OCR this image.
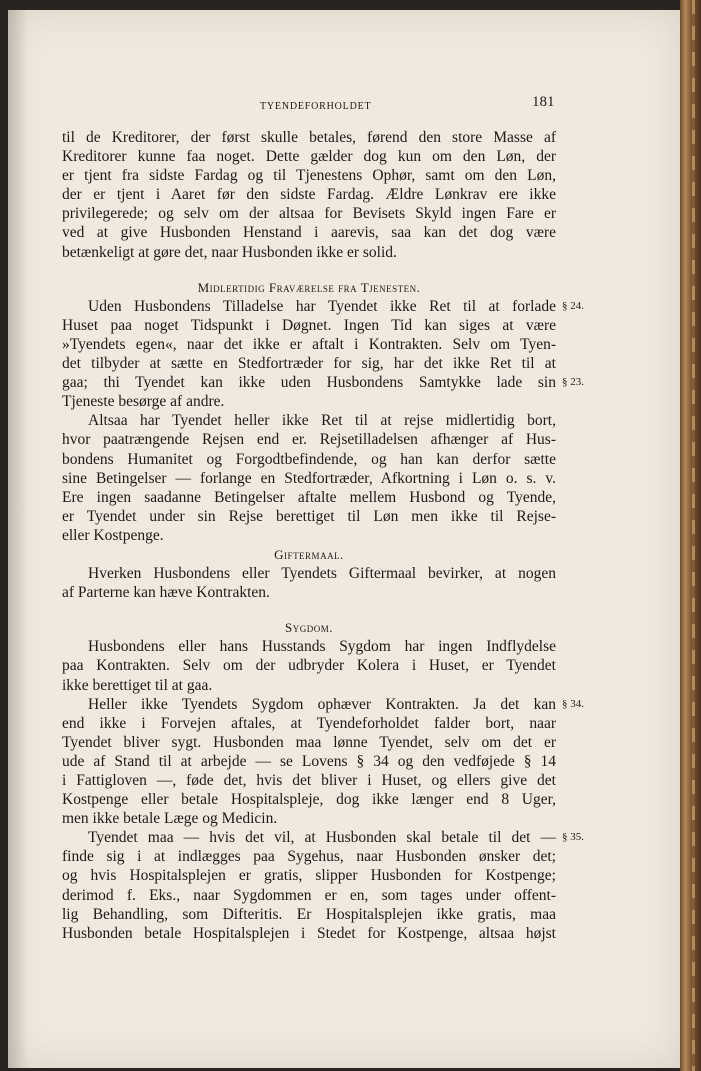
TYENDEFORHOLDET	181
til de Kreditorer, der først skulle betales, førend den store Masse af
Kreditorer kunne faa noget. Dette gælder dog kun om den Løn, der
er tjent fra sidste Fardag og til Tjenestens Ophør, samt om den Løn,
der er tjent i Aaret før den sidste Fardag. Ældre Lønkrav ere ikke
privilegerede; og selv om der altsaa for Bevisets Skyld ingen Fare er
ved at give Husbonden Henstand i aarevis, saa kan det dog være
betænkeligt at gøre det, naar Husbonden ikke er solid.
Midlertidig Fraværelse fra Tjenesten.
Uden Husbondens Tilladelse har Tyendet ikke Ret til at forlade
Huset paa noget Tidspunkt i Døgnet. Ingen Tid kan siges at være
»Tyendets egen«, naar det ikke er aftalt i Kontrakten. Selv om Tyen-
det tilbyder at sætte en Stedfortræder for sig, har det ikke Ret til at
gaa; thi Tyendet kan ikke uden Husbondens Samtykke lade sin
Tjeneste besørge af andre.
Altsaa har Tyendet heller ikke Ret til at rejse midlertidig bort,
hvor paatrængende Rejsen end er. Rejsetilladelsen afhænger af Hus-
bondens Humanitet og Forgodtbefindende, og han kan derfor sætte
sine Betingelser — forlange en Stedfortræder, Afkortning i Løn o. s. v.
Ere ingen saadanne Betingelser aftalte mellem Husbond og Tyende,
er Tyendet under sin Rejse berettiget til Løn men ikke til Rejse-
eller Kostpenge.
Giftermaal.
Hverken Husbondens eller Tyendets Giftermaal bevirker, at nogen
af Parterne kan hæve Kontrakten.
Sygdom.
Husbondens eller hans Husstands Sygdom har ingen Indflydelse
paa Kontrakten. Selv om der udbryder Kolera i Huset, er Tyendet
ikke berettiget til at gaa.
Heller ikke Tyendets Sygdom ophæver Kontrakten. Ja det kan
end ikke i Forvejen aftales, at Tyendeforholdet falder bort, naar
Tyendet bliver sygt. Husbonden maa lønne Tyendet, selv om det er
ude af Stand til at arbejde — se Lovens § 34 og den vedføjede § 14
i Fattigloven —, føde det, hvis det bliver i Huset, og ellers give det
Kostpenge eller betale Hospitalspleje, dog ikke længer end 8 Uger,
men ikke betale Læge og Medicin.
Tyendet maa — hvis det vil, at Husbonden skal betale til det —
finde sig i at indlægges paa Sygehus, naar Husbonden ønsker det;
og hvis Hospitalsplejen er gratis, slipper Husbonden for Kostpenge;
derimod f. Eks., naar Sygdommen er en, som tages under offent-
lig Behandling, som Difteritis. Er Hospitalsplejen ikke gratis, maa
Husbonden betale Hospitalsplejen i Stedet for Kostpenge, altsaa højst
§ 24.
§ 23.
§ 34.
§ 35.
